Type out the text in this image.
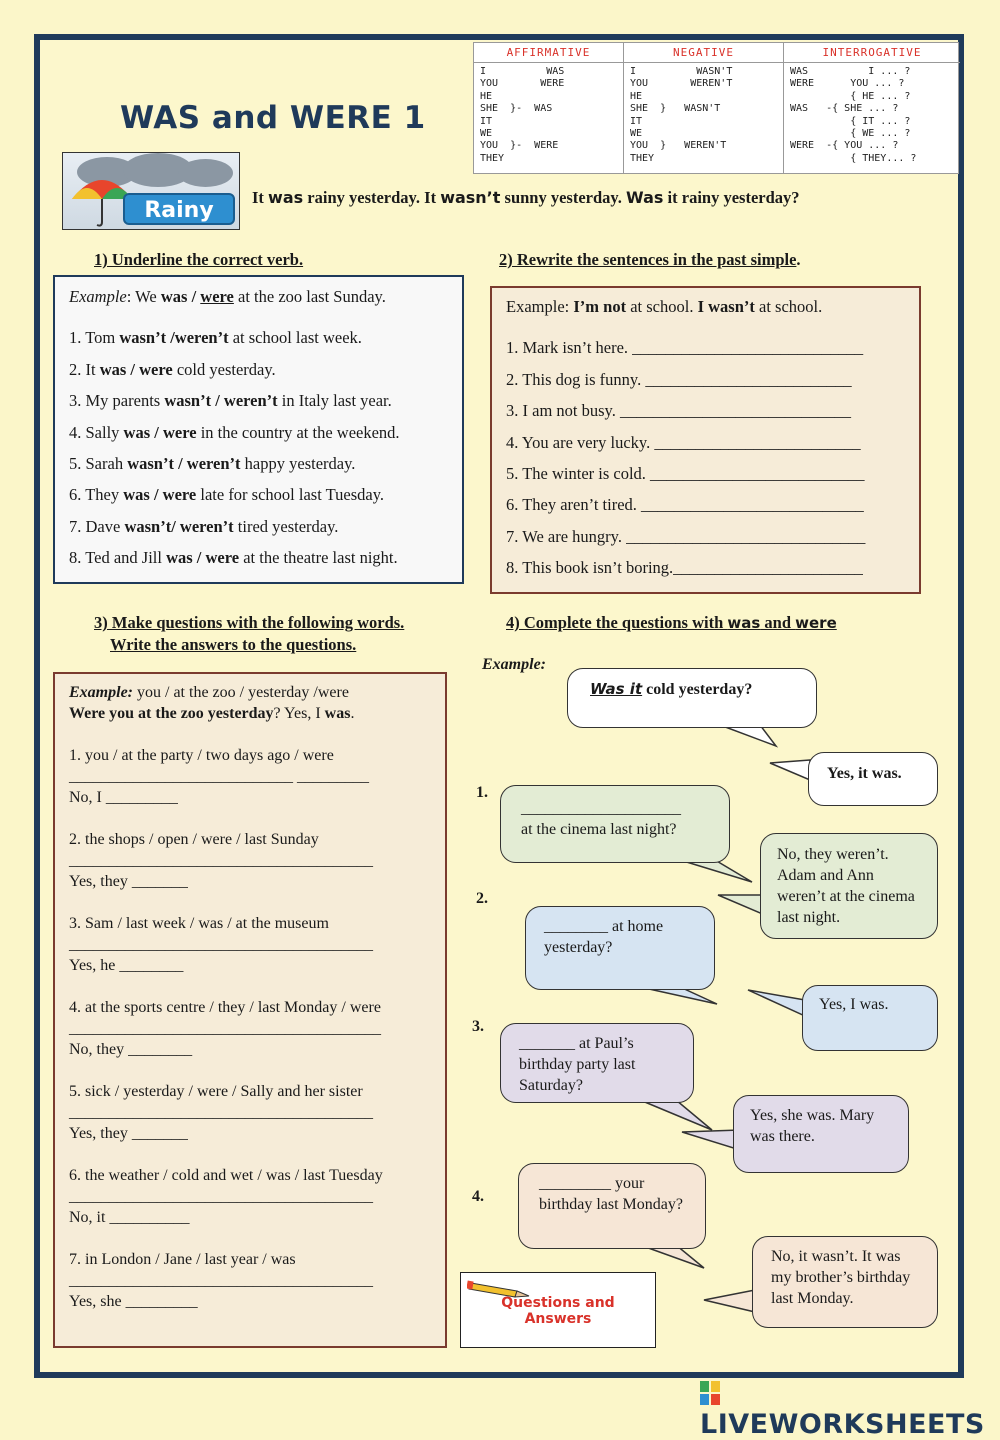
WAS and WERE 1
AFFIRMATIVE
I          WAS
YOU       WERE
HE
SHE  }-  WAS
IT
WE
YOU  }-  WERE
THEY
NEGATIVE
I          WASN'T
YOU       WEREN'T
HE
SHE  }   WASN'T
IT
WE
YOU  }   WEREN'T
THEY
INTERROGATIVE
WAS          I ... ?
WERE      YOU ... ?
{ HE ... ?
WAS   -{ SHE ... ?
{ IT ... ?
{ WE ... ?
WERE  -{ YOU ... ?
{ THEY... ?
Rainy
It was rainy yesterday. It wasn’t sunny yesterday. Was it rainy yesterday?
1) Underline the correct verb.
Example: We was / were at the zoo last Sunday.
1. Tom wasn’t /weren’t at school last week.
2. It was / were cold yesterday.
3. My parents wasn’t / weren’t in Italy last year.
4. Sally was / were in the country at the weekend.
5. Sarah wasn’t / weren’t happy yesterday.
6. They was / were late for school last Tuesday.
7. Dave wasn’t/ weren’t tired yesterday.
8. Ted and Jill was / were at the theatre last night.
2) Rewrite the sentences in the past simple.
Example: I’m not at school. I wasn’t at school.
1. Mark isn’t here. ____________________________
2. This dog is funny. _________________________
3. I am not busy. ____________________________
4. You are very lucky. _________________________
5. The winter is cold. __________________________
6. They aren’t tired. ___________________________
7. We are hungry. _____________________________
8. This book isn’t boring._______________________
3) Make questions with the following words.
Write the answers to the questions.
Example: you / at the zoo / yesterday /were
Were you at the zoo yesterday? Yes, I was.
1. you / at the party / two days ago / were
____________________________ _________
No, I _________
2. the shops / open / were / last Sunday
______________________________________
Yes, they _______
3. Sam / last week / was / at the museum
______________________________________
Yes, he ________
4. at the sports centre / they / last Monday / were
_______________________________________
No, they ________
5. sick / yesterday / were / Sally and her sister
______________________________________
Yes, they _______
6. the weather / cold and wet / was / last Tuesday
______________________________________
No, it __________
7. in London / Jane / last year / was
______________________________________
Yes, she _________
4) Complete the questions with was and were
Example:
Was it cold yesterday?
Yes, it was.
1.
____________________
at the cinema last night?
No, they weren’t. Adam and Ann weren’t at the cinema last night.
2.
________ at home
yesterday?
Yes, I was.
3.
_______ at Paul’s
birthday party last Saturday?
Yes, she was. Mary was there.
4.
_________ your
birthday last Monday?
No, it wasn’t. It was my brother’s birthday last Monday.
Questions and
Answers
LIVEWORKSHEETS
